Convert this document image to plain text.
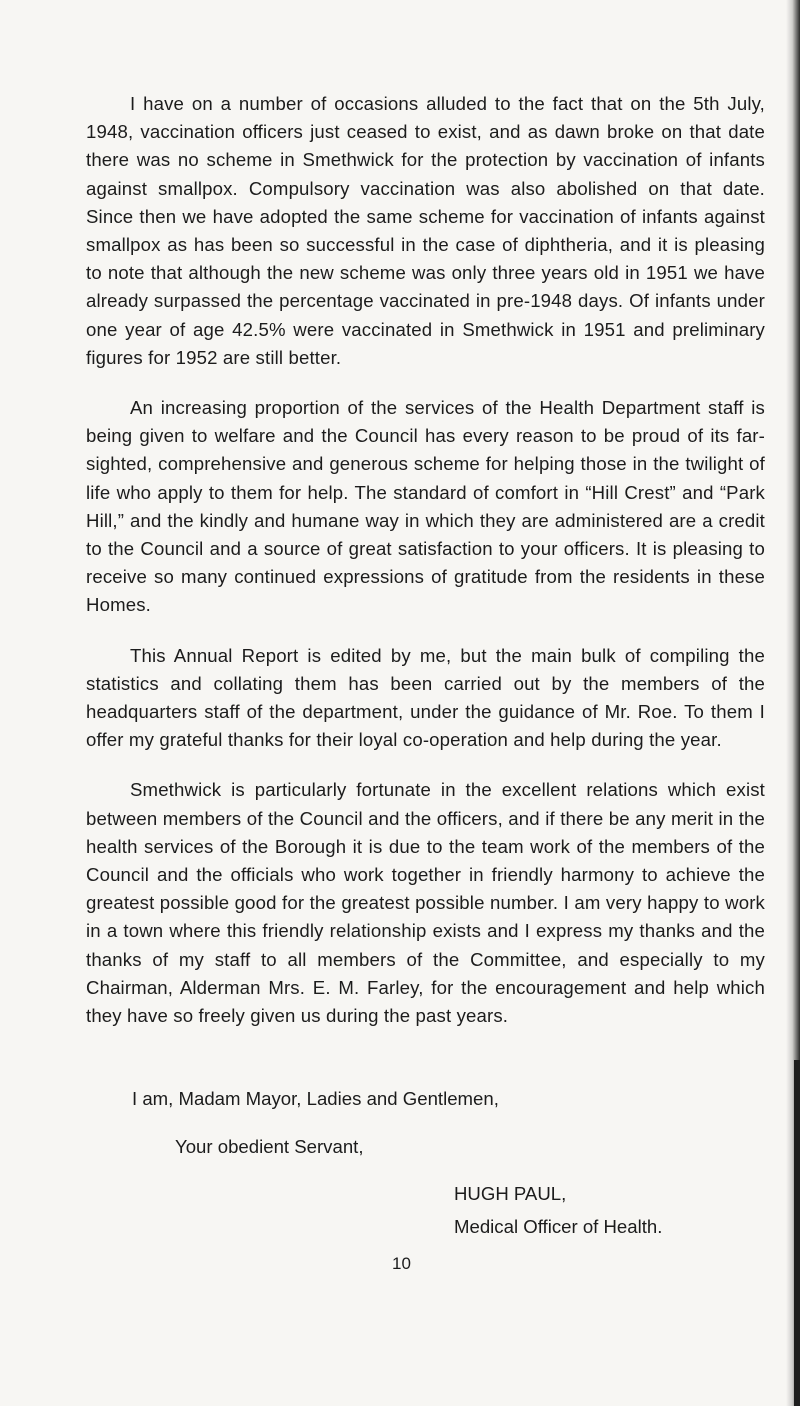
I have on a number of occasions alluded to the fact that on the 5th July, 1948, vaccination officers just ceased to exist, and as dawn broke on that date there was no scheme in Smethwick for the protection by vaccination of infants against smallpox. Compulsory vaccination was also abolished on that date. Since then we have adopted the same scheme for vaccination of infants against smallpox as has been so successful in the case of diphtheria, and it is pleasing to note that although the new scheme was only three years old in 1951 we have already surpassed the percentage vaccinated in pre-1948 days. Of infants under one year of age 42.5% were vaccinated in Smethwick in 1951 and preliminary figures for 1952 are still better.

An increasing proportion of the services of the Health Department staff is being given to welfare and the Council has every reason to be proud of its far-sighted, comprehensive and generous scheme for helping those in the twilight of life who apply to them for help. The standard of comfort in “Hill Crest” and “Park Hill,” and the kindly and humane way in which they are administered are a credit to the Council and a source of great satisfaction to your officers. It is pleasing to receive so many continued expressions of gratitude from the residents in these Homes.

This Annual Report is edited by me, but the main bulk of compiling the statistics and collating them has been carried out by the members of the headquarters staff of the department, under the guidance of Mr. Roe. To them I offer my grateful thanks for their loyal co-operation and help during the year.

Smethwick is particularly fortunate in the excellent relations which exist between members of the Council and the officers, and if there be any merit in the health services of the Borough it is due to the team work of the members of the Council and the officials who work together in friendly harmony to achieve the greatest possible good for the greatest possible number. I am very happy to work in a town where this friendly relationship exists and I express my thanks and the thanks of my staff to all members of the Committee, and especially to my Chairman, Alderman Mrs. E. M. Farley, for the encouragement and help which they have so freely given us during the past years.

I am, Madam Mayor, Ladies and Gentlemen,
Your obedient Servant,
HUGH PAUL,
Medical Officer of Health.
10
